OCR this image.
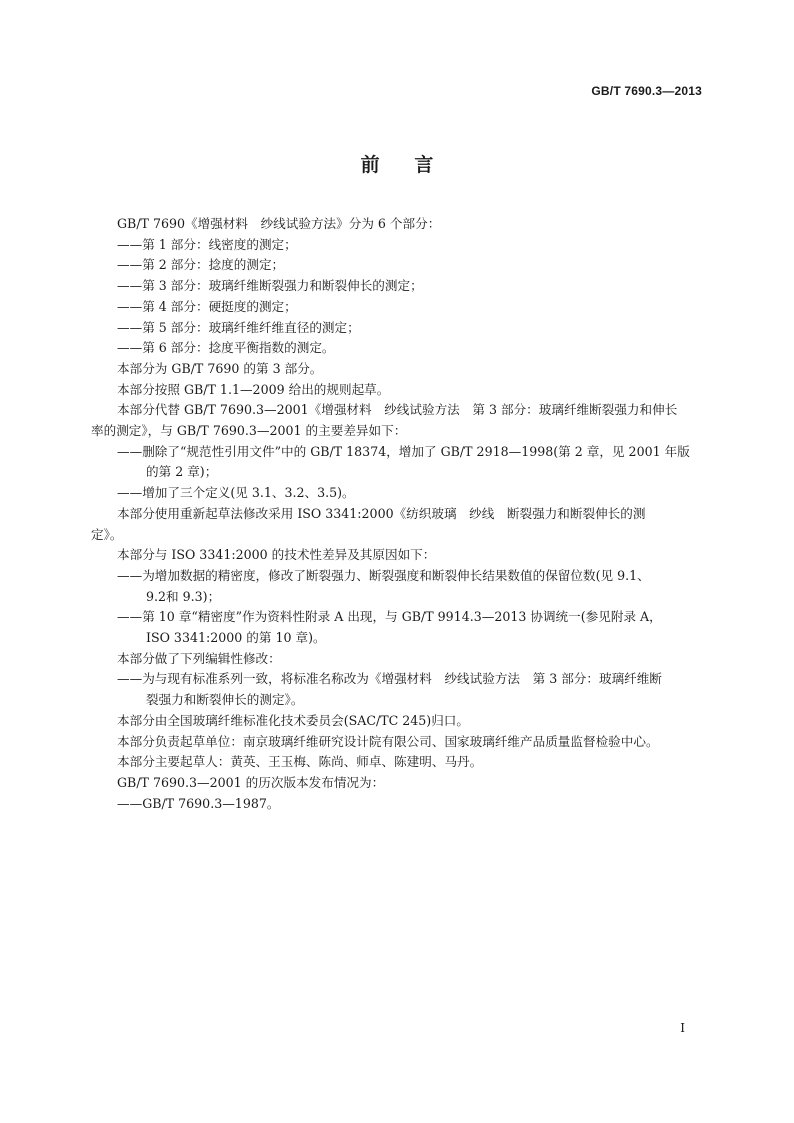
GB/T 7690.3—2013
前 言
GB/T 7690《增强材料　纱线试验方法》分为 6 个部分：
——第 1 部分：线密度的测定；
——第 2 部分：捻度的测定；
——第 3 部分：玻璃纤维断裂强力和断裂伸长的测定；
——第 4 部分：硬挺度的测定；
——第 5 部分：玻璃纤维纤维直径的测定；
——第 6 部分：捻度平衡指数的测定。
本部分为 GB/T 7690 的第 3 部分。
本部分按照 GB/T 1.1—2009 给出的规则起草。
本部分代替 GB/T 7690.3—2001《增强材料　纱线试验方法　第 3 部分：玻璃纤维断裂强力和伸长
率的测定》，与 GB/T 7690.3—2001 的主要差异如下：
——删除了“规范性引用文件”中的 GB/T 18374，增加了 GB/T 2918—1998(第 2 章，见 2001 年版
的第 2 章)；
——增加了三个定义(见 3.1、3.2、3.5)。
本部分使用重新起草法修改采用 ISO 3341:2000《纺织玻璃　纱线　断裂强力和断裂伸长的测
定》。
本部分与 ISO 3341:2000 的技术性差异及其原因如下：
——为增加数据的精密度，修改了断裂强力、断裂强度和断裂伸长结果数值的保留位数(见 9.1、
9.2和 9.3)；
——第 10 章“精密度”作为资料性附录 A 出现，与 GB/T 9914.3—2013 协调统一(参见附录 A，
ISO 3341:2000 的第 10 章)。
本部分做了下列编辑性修改：
——为与现有标准系列一致，将标准名称改为《增强材料　纱线试验方法　第 3 部分：玻璃纤维断
裂强力和断裂伸长的测定》。
本部分由全国玻璃纤维标准化技术委员会(SAC/TC 245)归口。
本部分负责起草单位：南京玻璃纤维研究设计院有限公司、国家玻璃纤维产品质量监督检验中心。
本部分主要起草人：黄英、王玉梅、陈尚、师卓、陈建明、马丹。
GB/T 7690.3—2001 的历次版本发布情况为：
——GB/T 7690.3—1987。
I
